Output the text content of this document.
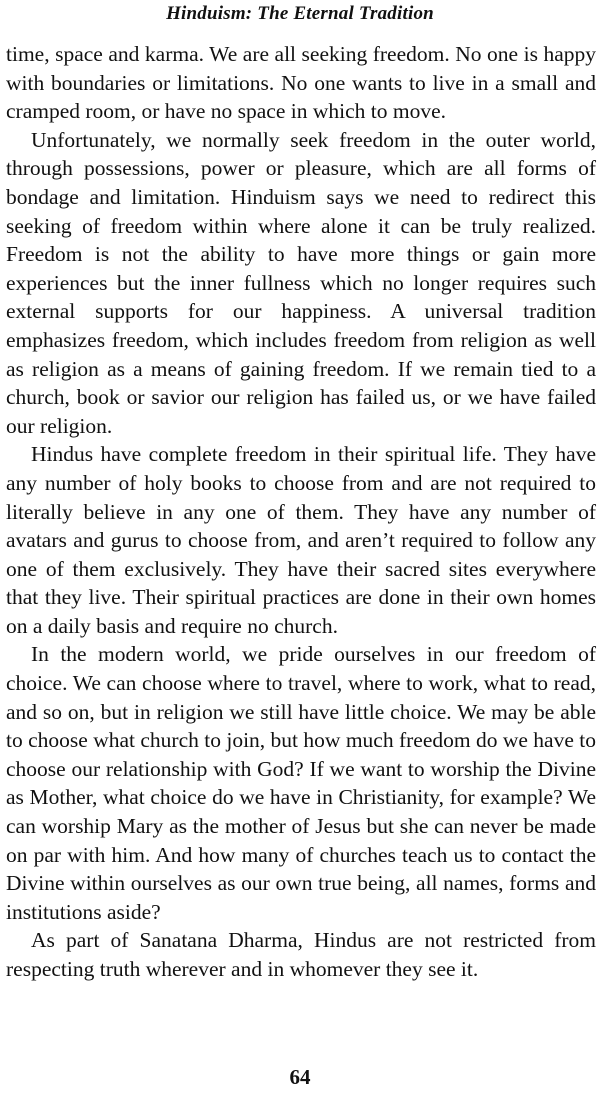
Hinduism: The Eternal Tradition

time, space and karma. We are all seeking freedom. No one is happy with boundaries or limitations. No one wants to live in a small and cramped room, or have no space in which to move.

Unfortunately, we normally seek freedom in the outer world, through possessions, power or pleasure, which are all forms of bondage and limitation. Hinduism says we need to redirect this seeking of freedom within where alone it can be truly realized. Freedom is not the ability to have more things or gain more experiences but the inner fullness which no longer requires such external supports for our happiness. A universal tradition emphasizes freedom, which includes freedom from religion as well as religion as a means of gaining freedom. If we remain tied to a church, book or savior our religion has failed us, or we have failed our religion.

Hindus have complete freedom in their spiritual life. They have any number of holy books to choose from and are not required to literally believe in any one of them. They have any number of avatars and gurus to choose from, and aren’t required to follow any one of them exclusively. They have their sacred sites everywhere that they live. Their spiritual practices are done in their own homes on a daily basis and require no church.

In the modern world, we pride ourselves in our freedom of choice. We can choose where to travel, where to work, what to read, and so on, but in religion we still have little choice. We may be able to choose what church to join, but how much freedom do we have to choose our relationship with God? If we want to worship the Divine as Mother, what choice do we have in Christianity, for example? We can worship Mary as the mother of Jesus but she can never be made on par with him. And how many of churches teach us to contact the Divine within ourselves as our own true being, all names, forms and institutions aside?

As part of Sanatana Dharma, Hindus are not restricted from respecting truth wherever and in whomever they see it.

64
